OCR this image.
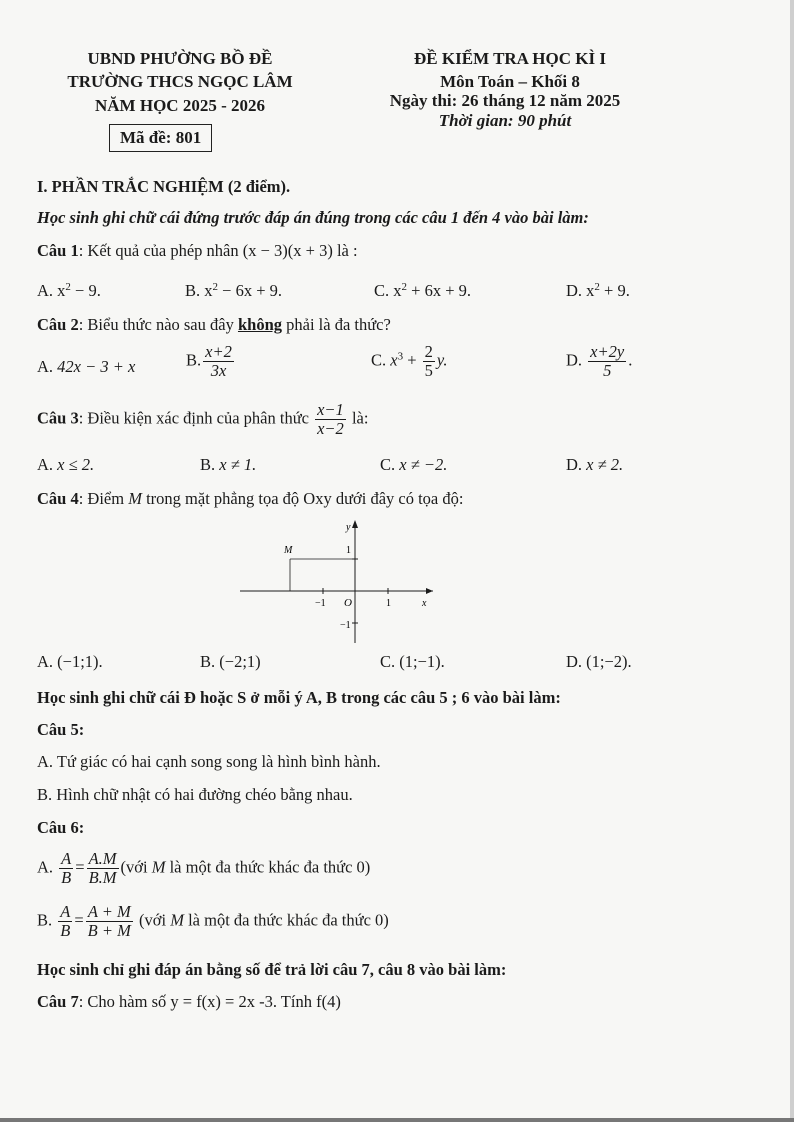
UBND PHƯỜNG BỒ ĐỀ
TRƯỜNG THCS NGỌC LÂM
NĂM HỌC 2025 - 2026
Mã đề: 801
ĐỀ KIỂM TRA HỌC KÌ I
Môn Toán – Khối 8
Ngày thi: 26 tháng 12 năm 2025
Thời gian: 90 phút
I. PHẦN TRẮC NGHIỆM (2 điểm).
Học sinh ghi chữ cái đứng trước đáp án đúng trong các câu 1 đến 4 vào bài làm:
Câu 1: Kết quả của phép nhân (x − 3)(x + 3) là :
A. $x^2 - 9$.	B. $x^2 - 6x + 9$.	C. $x^2 + 6x + 9$.	D. $x^2 + 9$.
Câu 2: Biểu thức nào sau đây không phải là đa thức?
A. 42x − 3 + x	B. $\frac{x+2}{3x}$	C. $x^3 + \frac{2}{5} y$.	D. $\frac{x+2y}{5}$ .
Câu 3: Điều kiện xác định của phân thức $\frac{x-1}{x-2}$ là:
A. x ≤ 2.	B. x ≠ 1.	C. x ≠ −2.	D. x ≠ 2.
Câu 4: Điểm M trong mặt phẳng tọa độ Oxy dưới đây có tọa độ:
y
x
M	1
−1 O	1
−1
A. (−1;1).	B. (−2;1)	C. (1;−1).	D. (1;−2).
Học sinh ghi chữ cái Đ hoặc S ở mỗi ý A, B trong các câu 5 ; 6 vào bài làm:
Câu 5:
A. Tứ giác có hai cạnh song song là hình bình hành.
B. Hình chữ nhật có hai đường chéo bằng nhau.
Câu 6:
A. $\frac{A}{B} = \frac{A.M}{B.M}$ (với M là một đa thức khác đa thức 0)
B. $\frac{A}{B} = \frac{A + M}{B + M}$ (với M là một đa thức khác đa thức 0)
Học sinh chỉ ghi đáp án bằng số để trả lời câu 7, câu 8 vào bài làm:
Câu 7: Cho hàm số y = f(x) = 2x -3. Tính f(4)
